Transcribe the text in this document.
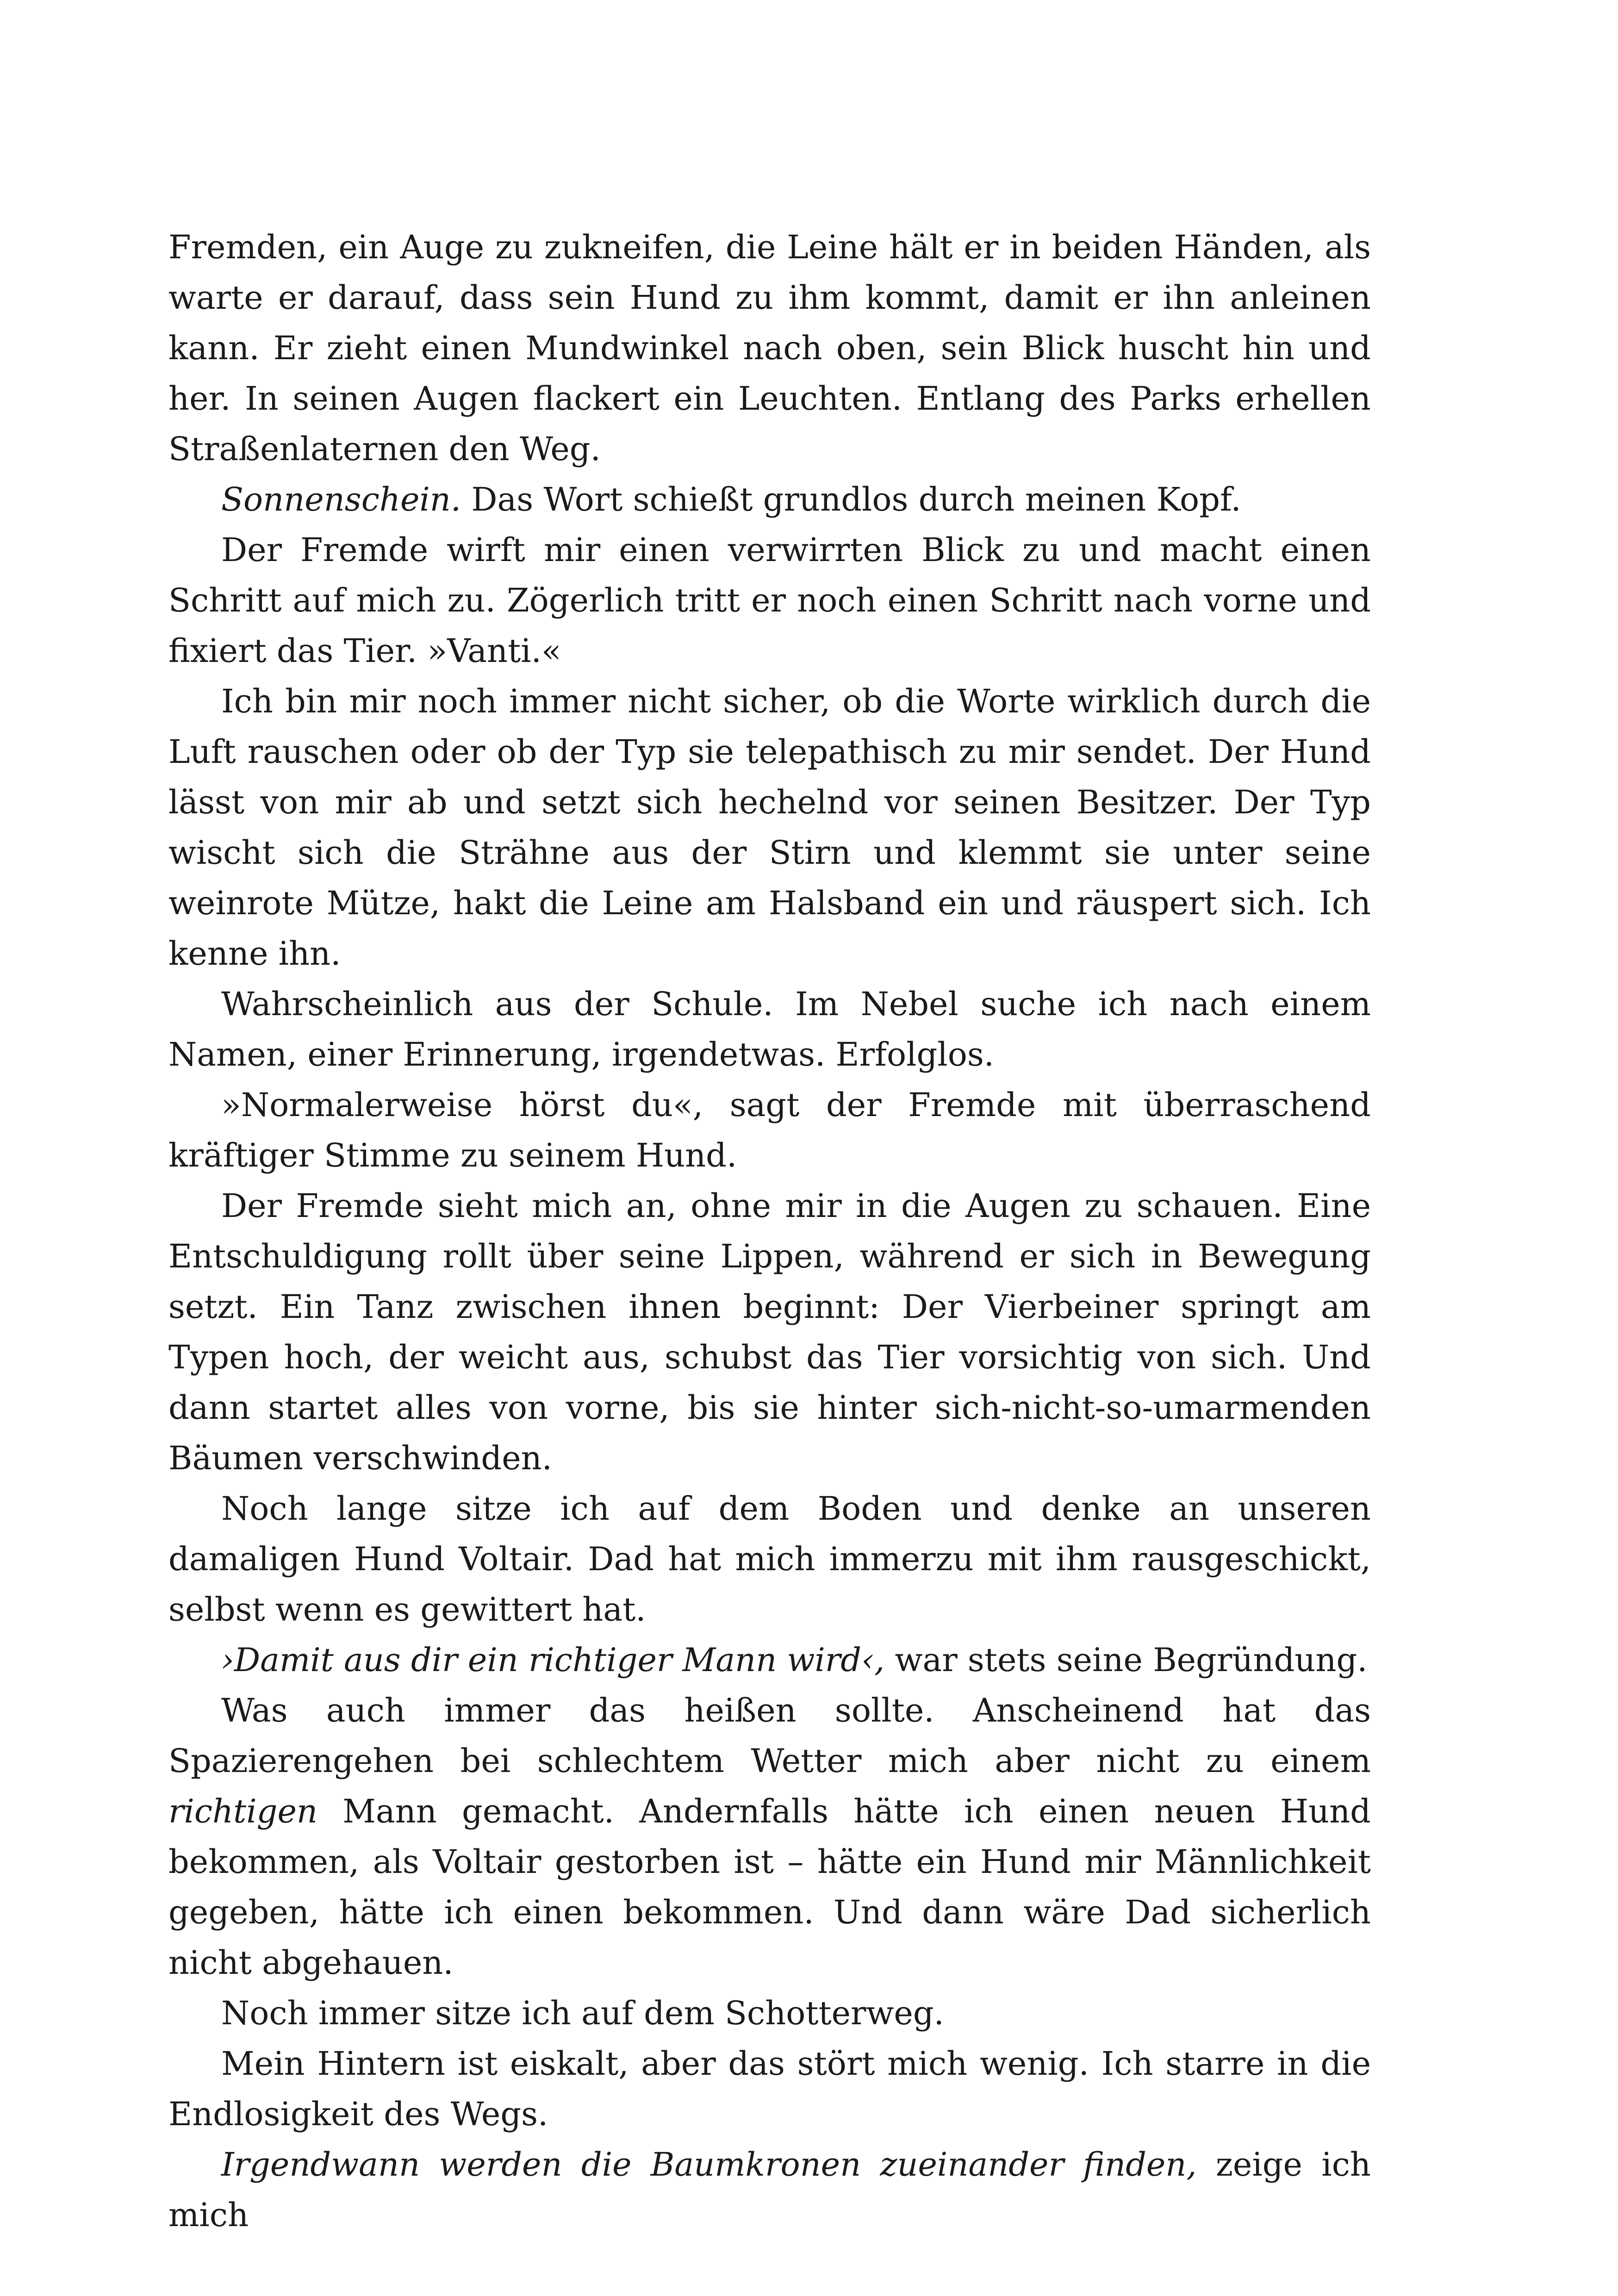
Fremden, ein Auge zu zukneifen, die Leine hält er in beiden Händen, als warte er darauf, dass sein Hund zu ihm kommt, damit er ihn anleinen kann. Er zieht einen Mundwinkel nach oben, sein Blick huscht hin und her. In seinen Augen flackert ein Leuchten. Entlang des Parks erhellen Straßenlaternen den Weg.

Sonnenschein. Das Wort schießt grundlos durch meinen Kopf.

Der Fremde wirft mir einen verwirrten Blick zu und macht einen Schritt auf mich zu. Zögerlich tritt er noch einen Schritt nach vorne und fixiert das Tier. »Vanti.«

Ich bin mir noch immer nicht sicher, ob die Worte wirklich durch die Luft rauschen oder ob der Typ sie telepathisch zu mir sendet. Der Hund lässt von mir ab und setzt sich hechelnd vor seinen Besitzer. Der Typ wischt sich die Strähne aus der Stirn und klemmt sie unter seine weinrote Mütze, hakt die Leine am Halsband ein und räuspert sich. Ich kenne ihn.

Wahrscheinlich aus der Schule. Im Nebel suche ich nach einem Namen, einer Erinnerung, irgendetwas. Erfolglos.

»Normalerweise hörst du«, sagt der Fremde mit überraschend kräftiger Stimme zu seinem Hund.

Der Fremde sieht mich an, ohne mir in die Augen zu schauen. Eine Entschuldigung rollt über seine Lippen, während er sich in Bewegung setzt. Ein Tanz zwischen ihnen beginnt: Der Vierbeiner springt am Typen hoch, der weicht aus, schubst das Tier vorsichtig von sich. Und dann startet alles von vorne, bis sie hinter sich-nicht-so-umarmenden Bäumen verschwinden.

Noch lange sitze ich auf dem Boden und denke an unseren damaligen Hund Voltair. Dad hat mich immerzu mit ihm rausgeschickt, selbst wenn es gewittert hat.

›Damit aus dir ein richtiger Mann wird‹, war stets seine Begründung.

Was auch immer das heißen sollte. Anscheinend hat das Spazierengehen bei schlechtem Wetter mich aber nicht zu einem richtigen Mann gemacht. Andernfalls hätte ich einen neuen Hund bekommen, als Voltair gestorben ist – hätte ein Hund mir Männlichkeit gegeben, hätte ich einen bekommen. Und dann wäre Dad sicherlich nicht abgehauen.

Noch immer sitze ich auf dem Schotterweg.

Mein Hintern ist eiskalt, aber das stört mich wenig. Ich starre in die Endlosigkeit des Wegs.

Irgendwann werden die Baumkronen zueinander finden, zeige ich mich
